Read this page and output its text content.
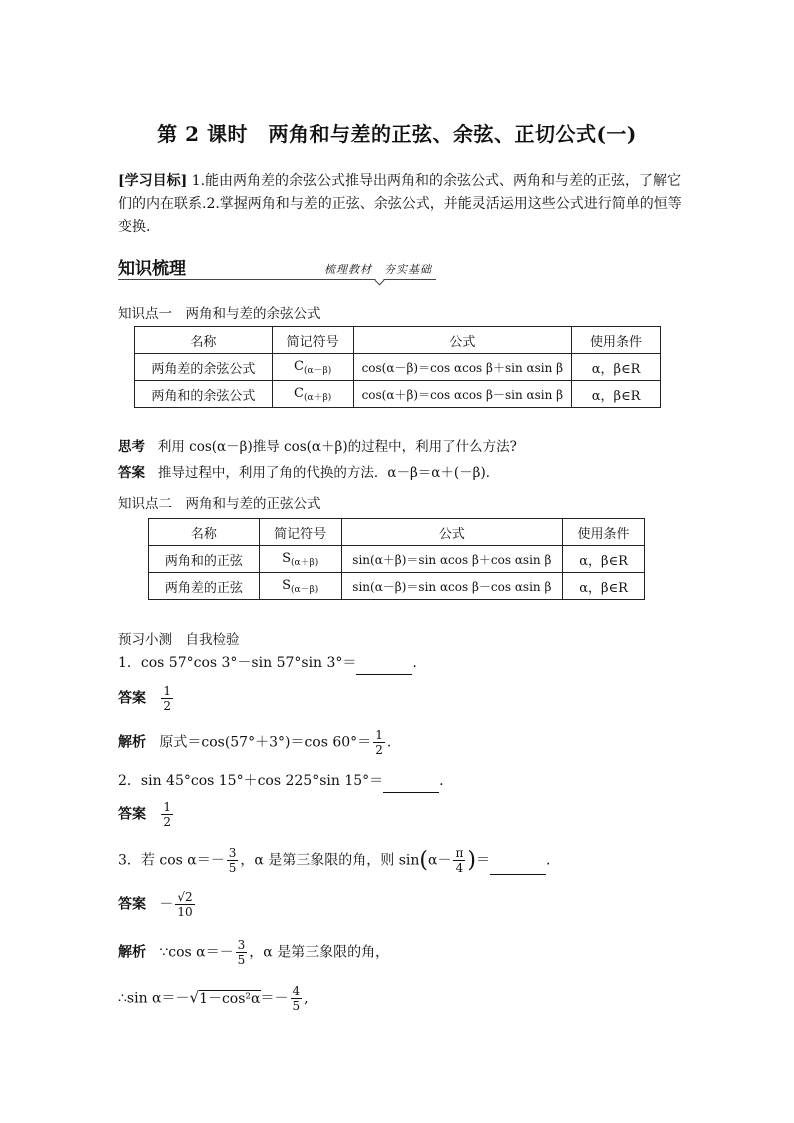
第 2 课时　两角和与差的正弦、余弦、正切公式(一)
[学习目标] 1.能由两角差的余弦公式推导出两角和的余弦公式、两角和与差的正弦，了解它们的内在联系.2.掌握两角和与差的正弦、余弦公式，并能灵活运用这些公式进行简单的恒等变换.
知识梳理	梳理教材　夯实基础
知识点一　两角和与差的余弦公式
名称	简记符号	公式	使用条件
两角差的余弦公式	$C_{(\alpha-\beta)}$	cos(α－β)＝cos αcos β＋sin αsin β	α，β∈R
两角和的余弦公式	$C_{(\alpha+\beta)}$	cos(α＋β)＝cos αcos β－sin αsin β	α，β∈R
思考 利用 cos(α－β)推导 cos(α＋β)的过程中，利用了什么方法?
答案 推导过程中，利用了角的代换的方法．α－β＝α＋(－β)．
知识点二　两角和与差的正弦公式
名称	简记符号	公式	使用条件
两角和的正弦	$S_{(\alpha+\beta)}$	sin(α＋β)＝sin αcos β＋cos αsin β	α，β∈R
两角差的正弦	$S_{(\alpha-\beta)}$	sin(α－β)＝sin αcos β－cos αsin β	α，β∈R
预习小测　自我检验
1．cos 57°cos 3°－sin 57°sin 3°＝	.
答案 $\frac{1}{2}$
解析 原式＝cos(57°＋3°)＝cos $60^\circ= \frac{1}{2}$ .
2．sin 45°cos 15°＋cos 225°sin 15°＝	.
答案 $\frac{1}{2}$
3．若 $\cos \alpha=- \frac{3}{5}$ ，α 是第三象限的角，则 $\sin(\alpha- \frac{\pi}{4}$ )＝	.
答案 － $\frac{√2}{10}$
解析 ∵cos $\alpha=- \frac{3}{5}$ ，α 是第三象限的角，
∴sin $\alpha=-√1-\cos^2\alpha=- \frac{4}{5}$ ,
